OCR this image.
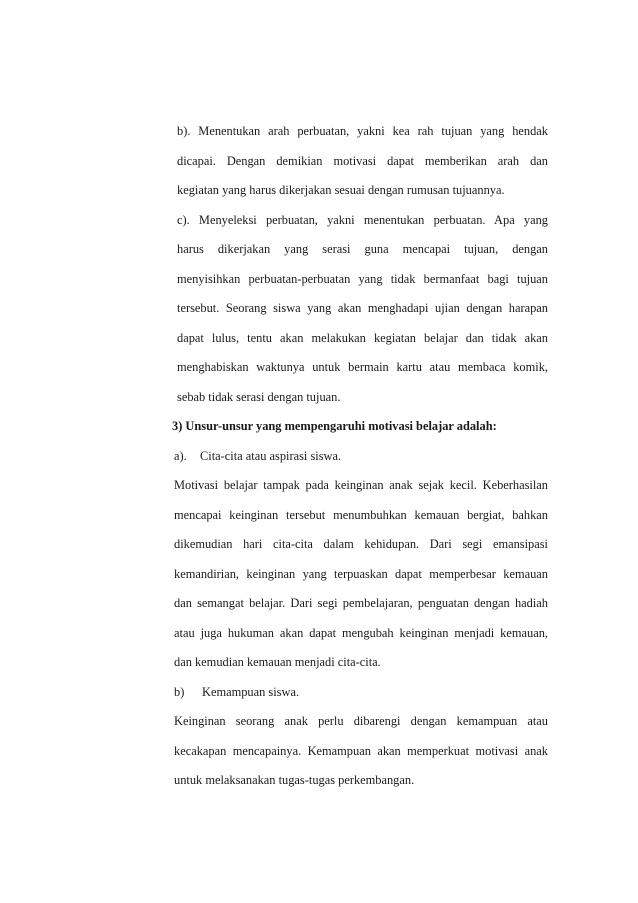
b). Menentukan arah perbuatan, yakni kea rah tujuan yang hendak
dicapai. Dengan demikian motivasi dapat memberikan arah dan
kegiatan yang harus dikerjakan sesuai dengan rumusan tujuannya.
c). Menyeleksi perbuatan, yakni menentukan perbuatan. Apa yang
harus dikerjakan yang serasi guna mencapai tujuan, dengan
menyisihkan perbuatan-perbuatan yang tidak bermanfaat bagi tujuan
tersebut. Seorang siswa yang akan menghadapi ujian dengan harapan
dapat lulus, tentu akan melakukan kegiatan belajar dan tidak akan
menghabiskan waktunya untuk bermain kartu atau membaca komik,
sebab tidak serasi dengan tujuan.
3) Unsur-unsur yang mempengaruhi motivasi belajar adalah:
a). Cita-cita atau aspirasi siswa.
Motivasi belajar tampak pada keinginan anak sejak kecil. Keberhasilan
mencapai keinginan tersebut menumbuhkan kemauan bergiat, bahkan
dikemudian hari cita-cita dalam kehidupan. Dari segi emansipasi
kemandirian, keinginan yang terpuaskan dapat memperbesar kemauan
dan semangat belajar. Dari segi pembelajaran, penguatan dengan hadiah
atau juga hukuman akan dapat mengubah keinginan menjadi kemauan,
dan kemudian kemauan menjadi cita-cita.
b) Kemampuan siswa.
Keinginan seorang anak perlu dibarengi dengan kemampuan atau
kecakapan mencapainya. Kemampuan akan memperkuat motivasi anak
untuk melaksanakan tugas-tugas perkembangan.
